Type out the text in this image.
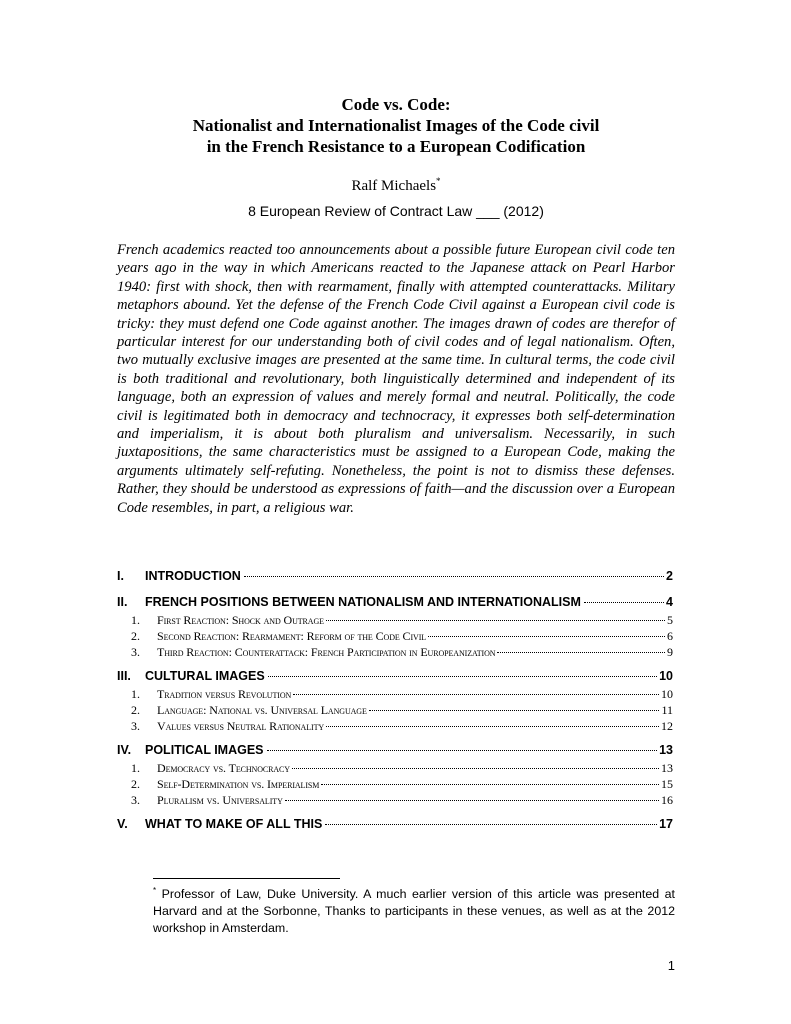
Code vs. Code:
Nationalist and Internationalist Images of the Code civil
in the French Resistance to a European Codification
Ralf Michaels*
8 European Review of Contract Law ___ (2012)

French academics reacted too announcements about a possible future European civil code ten years ago in the way in which Americans reacted to the Japanese attack on Pearl Harbor 1940: first with shock, then with rearmament, finally with attempted counterattacks. Military metaphors abound. Yet the defense of the French Code Civil against a European civil code is tricky: they must defend one Code against another. The images drawn of codes are therefor of particular interest for our understanding both of civil codes and of legal nationalism. Often, two mutually exclusive images are presented at the same time. In cultural terms, the code civil is both traditional and revolutionary, both linguistically determined and independent of its language, both an expression of values and merely formal and neutral. Politically, the code civil is legitimated both in democracy and technocracy, it expresses both self-determination and imperialism, it is about both pluralism and universalism. Necessarily, in such juxtapositions, the same characteristics must be assigned to a European Code, making the arguments ultimately self-refuting. Nonetheless, the point is not to dismiss these defenses. Rather, they should be understood as expressions of faith—and the discussion over a European Code resembles, in part, a religious war.

I.	INTRODUCTION	2
II.	FRENCH POSITIONS BETWEEN NATIONALISM AND INTERNATIONALISM	4
1.	First Reaction: Shock and Outrage	5
2.	Second Reaction: Rearmament: Reform of the Code Civil	6
3.	Third Reaction: Counterattack: French Participation in Europeanization	9
III.	CULTURAL IMAGES	10
1.	Tradition versus Revolution	10
2.	Language: National vs. Universal Language	11
3.	Values versus Neutral Rationality	12
IV.	POLITICAL IMAGES	13
1.	Democracy vs. Technocracy	13
2.	Self-Determination vs. Imperialism	15
3.	Pluralism vs. Universality	16
V.	WHAT TO MAKE OF ALL THIS	17

* Professor of Law, Duke University. A much earlier version of this article was presented at Harvard and at the Sorbonne, Thanks to participants in these venues, as well as at the 2012 workshop in Amsterdam.

1
